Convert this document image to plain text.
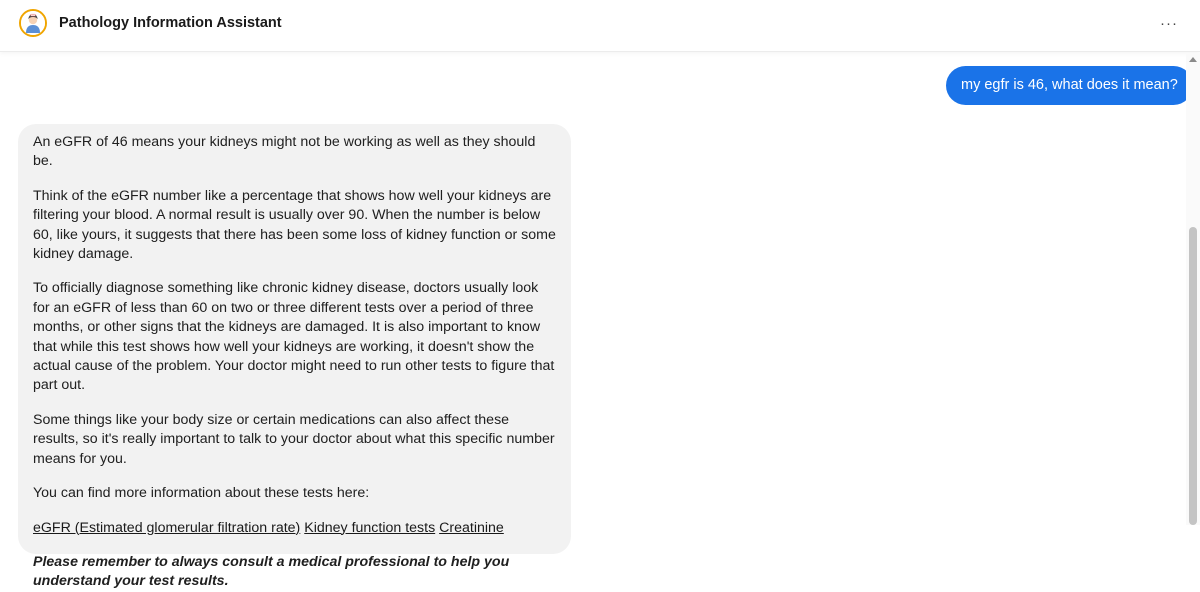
Pathology Information Assistant	···
my egfr is 46, what does it mean?

An eGFR of 46 means your kidneys might not be working as well as they should be.

Think of the eGFR number like a percentage that shows how well your kidneys are filtering your blood. A normal result is usually over 90. When the number is below 60, like yours, it suggests that there has been some loss of kidney function or some kidney damage.

To officially diagnose something like chronic kidney disease, doctors usually look for an eGFR of less than 60 on two or three different tests over a period of three months, or other signs that the kidneys are damaged. It is also important to know that while this test shows how well your kidneys are working, it doesn't show the actual cause of the problem. Your doctor might need to run other tests to figure that part out.

Some things like your body size or certain medications can also affect these results, so it's really important to talk to your doctor about what this specific number means for you.

You can find more information about these tests here:

eGFR (Estimated glomerular filtration rate) Kidney function tests Creatinine

Please remember to always consult a medical professional to help you understand your test results.
